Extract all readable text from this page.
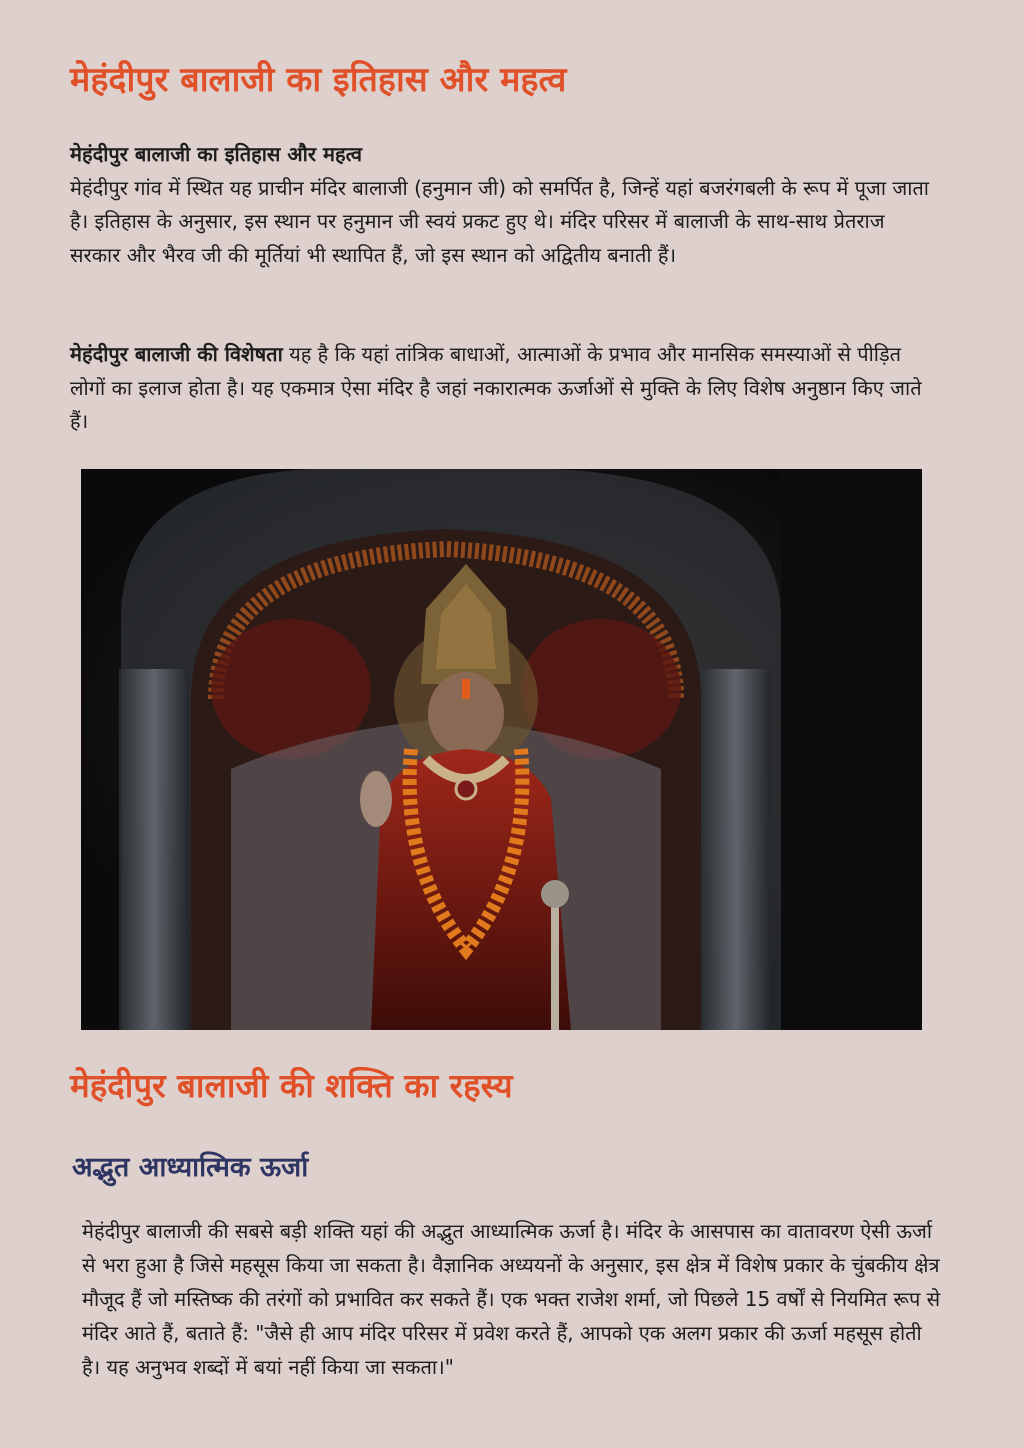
मेहंदीपुर बालाजी का इतिहास और महत्व
मेहंदीपुर बालाजी का इतिहास और महत्व

मेहंदीपुर गांव में स्थित यह प्राचीन मंदिर बालाजी (हनुमान जी) को समर्पित है, जिन्हें यहां बजरंगबली के रूप में पूजा जाता है। इतिहास के अनुसार, इस स्थान पर हनुमान जी स्वयं प्रकट हुए थे। मंदिर परिसर में बालाजी के साथ-साथ प्रेतराज सरकार और भैरव जी की मूर्तियां भी स्थापित हैं, जो इस स्थान को अद्वितीय बनाती हैं।

मेहंदीपुर बालाजी की विशेषता यह है कि यहां तांत्रिक बाधाओं, आत्माओं के प्रभाव और मानसिक समस्याओं से पीड़ित लोगों का इलाज होता है। यह एकमात्र ऐसा मंदिर है जहां नकारात्मक ऊर्जाओं से मुक्ति के लिए विशेष अनुष्ठान किए जाते हैं।

मेहंदीपुर बालाजी की शक्ति का रहस्य
अद्भुत आध्यात्मिक ऊर्जा

मेहंदीपुर बालाजी की सबसे बड़ी शक्ति यहां की अद्भुत आध्यात्मिक ऊर्जा है। मंदिर के आसपास का वातावरण ऐसी ऊर्जा से भरा हुआ है जिसे महसूस किया जा सकता है। वैज्ञानिक अध्ययनों के अनुसार, इस क्षेत्र में विशेष प्रकार के चुंबकीय क्षेत्र मौजूद हैं जो मस्तिष्क की तरंगों को प्रभावित कर सकते हैं। एक भक्त राजेश शर्मा, जो पिछले 15 वर्षों से नियमित रूप से मंदिर आते हैं, बताते हैं: "जैसे ही आप मंदिर परिसर में प्रवेश करते हैं, आपको एक अलग प्रकार की ऊर्जा महसूस होती है। यह अनुभव शब्दों में बयां नहीं किया जा सकता।"
